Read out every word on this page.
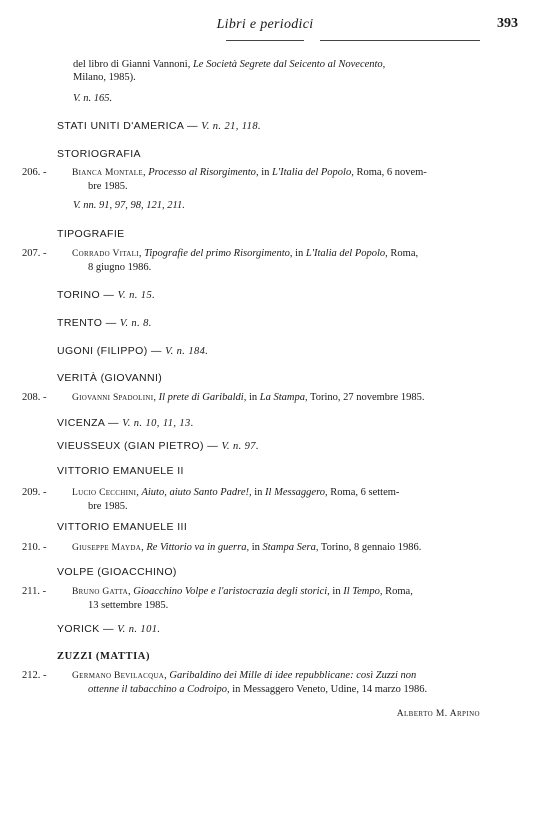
Libri e periodici	393
del libro di Gianni Vannoni, Le Società Segrete dal Seicento al Novecento,
Milano, 1985).
V. n. 165.
STATI UNITI D'AMERICA — V. n. 21, 118.
STORIOGRAFIA
206. -	Bianca Montale, Processo al Risorgimento, in L'Italia del Popolo, Roma, 6 novem-
bre 1985.
V. nn. 91, 97, 98, 121, 211.
TIPOGRAFIE
207. -	Corrado Vitali, Tipografie del primo Risorgimento, in L'Italia del Popolo, Roma,
8 giugno 1986.
TORINO — V. n. 15.
TRENTO — V. n. 8.
UGONI (FILIPPO) — V. n. 184.
VERITÀ (GIOVANNI)
208. -	Giovanni Spadolini, Il prete di Garibaldi, in La Stampa, Torino, 27 novembre 1985.
VICENZA — V. n. 10, 11, 13.
VIEUSSEUX (GIAN PIETRO) — V. n. 97.
VITTORIO EMANUELE II
209. -	Lucio Cecchini, Aiuto, aiuto Santo Padre!, in Il Messaggero, Roma, 6 settem-
bre 1985.
VITTORIO EMANUELE III
210. -	Giuseppe Mayda, Re Vittorio va in guerra, in Stampa Sera, Torino, 8 gennaio 1986.
VOLPE (GIOACCHINO)
211. -	Bruno Gatta, Gioacchino Volpe e l'aristocrazia degli storici, in Il Tempo, Roma,
13 settembre 1985.
YORICK — V. n. 101.
ZUZZI (MATTIA)
212. -	Germano Bevilacqua, Garibaldino dei Mille di idee repubblicane: così Zuzzi non
ottenne il tabacchino a Codroipo, in Messaggero Veneto, Udine, 14 marzo 1986.
Alberto M. Arpino
